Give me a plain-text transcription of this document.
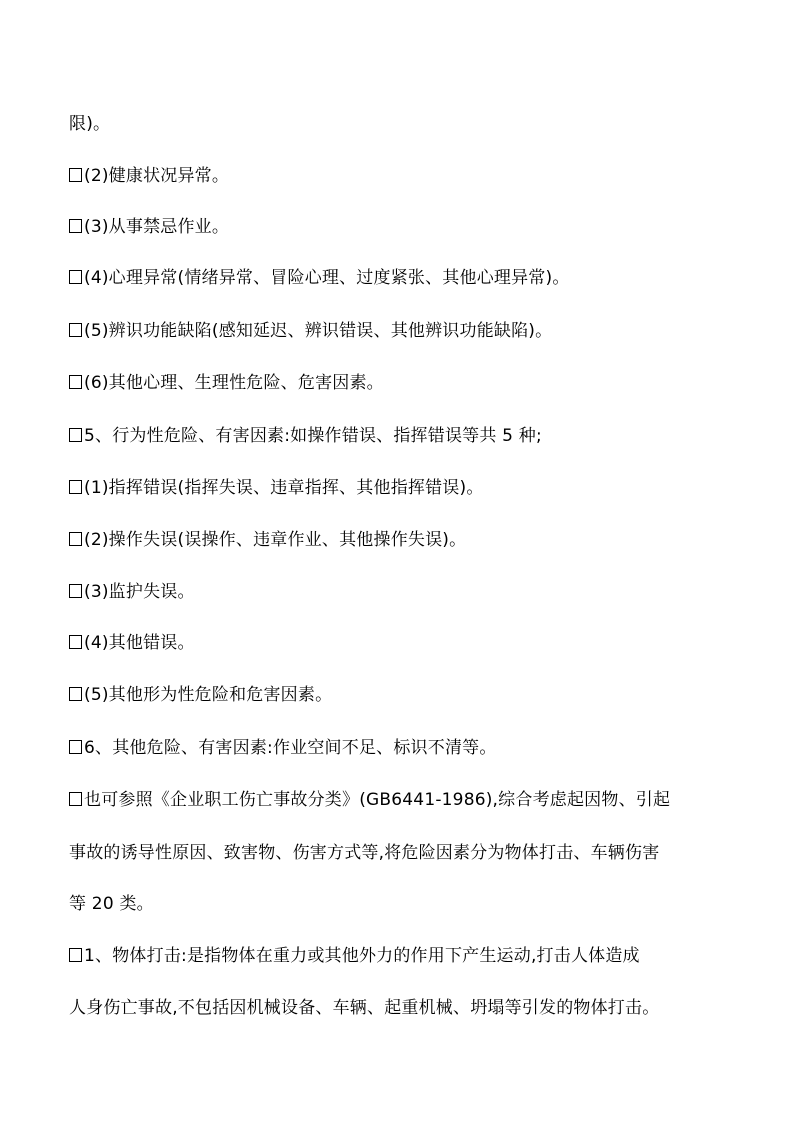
限)。
(2)健康状况异常。
(3)从事禁忌作业。
(4)心理异常(情绪异常、冒险心理、过度紧张、其他心理异常)。
(5)辨识功能缺陷(感知延迟、辨识错误、其他辨识功能缺陷)。
(6)其他心理、生理性危险、危害因素。
5、行为性危险、有害因素:如操作错误、指挥错误等共 5 种;
(1)指挥错误(指挥失误、违章指挥、其他指挥错误)。
(2)操作失误(误操作、违章作业、其他操作失误)。
(3)监护失误。
(4)其他错误。
(5)其他形为性危险和危害因素。
6、其他危险、有害因素:作业空间不足、标识不清等。
也可参照《企业职工伤亡事故分类》(GB6441-1986),综合考虑起因物、引起
事故的诱导性原因、致害物、伤害方式等,将危险因素分为物体打击、车辆伤害
等 20 类。
1、物体打击:是指物体在重力或其他外力的作用下产生运动,打击人体造成
人身伤亡事故,不包括因机械设备、车辆、起重机械、坍塌等引发的物体打击。
